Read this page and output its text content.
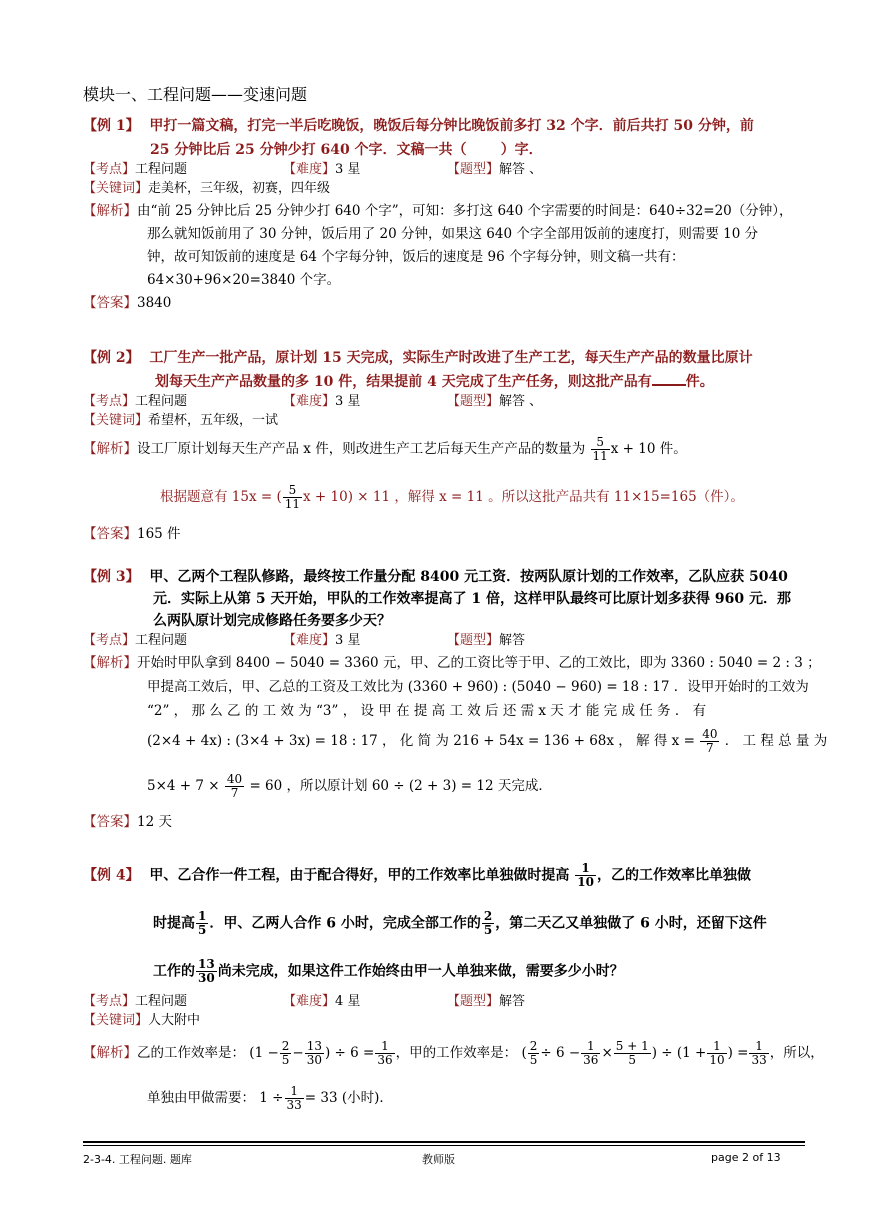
模块一、工程问题——变速问题
【例 1】 甲打一篇文稿，打完一半后吃晚饭，晚饭后每分钟比晚饭前多打 32 个字．前后共打 50 分钟，前
25 分钟比后 25 分钟少打 640 个字．文稿一共（ ）字．
【考点】工程问题	【难度】3 星	【题型】解答 、
【关键词】走美杯，三年级，初赛，四年级
【解析】由“前 25 分钟比后 25 分钟少打 640 个字”，可知：多打这 640 个字需要的时间是：640÷32=20（分钟），
那么就知饭前用了 30 分钟，饭后用了 20 分钟，如果这 640 个字全部用饭前的速度打，则需要 10 分
钟，故可知饭前的速度是 64 个字每分钟，饭后的速度是 96 个字每分钟，则文稿一共有：
64×30+96×20=3840 个字。
【答案】3840
【例 2】 工厂生产一批产品，原计划 15 天完成，实际生产时改进了生产工艺，每天生产产品的数量比原计
划每天生产产品数量的多 10 件，结果提前 4 天完成了生产任务，则这批产品有 件。
【考点】工程问题	【难度】3 星	【题型】解答 、
【关键词】希望杯，五年级，一试
【解析】设工厂原计划每天生产产品 x 件，则改进生产工艺后每天生产产品的数量为 $\frac{5}{11}$ x + 10 件。
根据题意有 15x = ( $\frac{5}{11}$ x + 10) × 11 ，解得 x = 11 。所以这批产品共有 11×15=165（件）。
【答案】165 件
【例 3】 甲、乙两个工程队修路，最终按工作量分配 8400 元工资．按两队原计划的工作效率，乙队应获 5040
元．实际上从第 5 天开始，甲队的工作效率提高了 1 倍，这样甲队最终可比原计划多获得 960 元．那
么两队原计划完成修路任务要多少天？
【考点】工程问题	【难度】3 星	【题型】解答
【解析】开始时甲队拿到 8400 − 5040 = 3360 元，甲、乙的工资比等于甲、乙的工效比，即为 3360 : 5040 = 2 : 3 ；
甲提高工效后，甲、乙总的工资及工效比为 (3360 + 960) : (5040 − 960) = 18 : 17 ．设甲开始时的工效为
“2” ， 那 么 乙 的 工 效 为 “3” ， 设 甲 在 提 高 工 效 后 还 需 x 天 才 能 完 成 任 务 ． 有
(2×4 + 4x) : (3×4 + 3x) = 18 : 17 ， 化 简 为 216 + 54x = 136 + 68x ， 解 得 $x = \frac{40}{7}$ ． 工 程 总 量 为
$5\times 4 + 7 \times \frac{40}{7} = 60$ ，所以原计划 60 ÷ (2 + 3) = 12 天完成．
【答案】12 天
【例 4】 甲、乙合作一件工程，由于配合得好，甲的工作效率比单独做时提高 $\frac{1}{10}$ ，乙的工作效率比单独做
时提高 $\frac{1}{5}$ ．甲、乙两人合作 6 小时，完成全部工作的 $\frac{2}{5}$ ，第二天乙又单独做了 6 小时，还留下这件
工作的 $\frac{13}{30}$ 尚未完成，如果这件工作始终由甲一人单独来做，需要多少小时？
【考点】工程问题	【难度】4 星	【题型】解答
【关键词】人大附中
【解析】乙的工作效率是： ($1 - \frac{2}{5} - \frac{13}{30}$ ) ÷ $6 = \frac{1}{36}$ ，甲的工作效率是： ( $\frac{2}{5} \div 6 - \frac{1}{36} \times \frac{5 + 1}{5}$ ) ÷ ($1 + \frac{1}{10}$ ) = $\frac{1}{33}$ ，所以，
单独由甲做需要： $1 \div \frac{1}{33} = 33$ (小时)．
2-3-4. 工程问题. 题库	教师版	page 2 of 13
